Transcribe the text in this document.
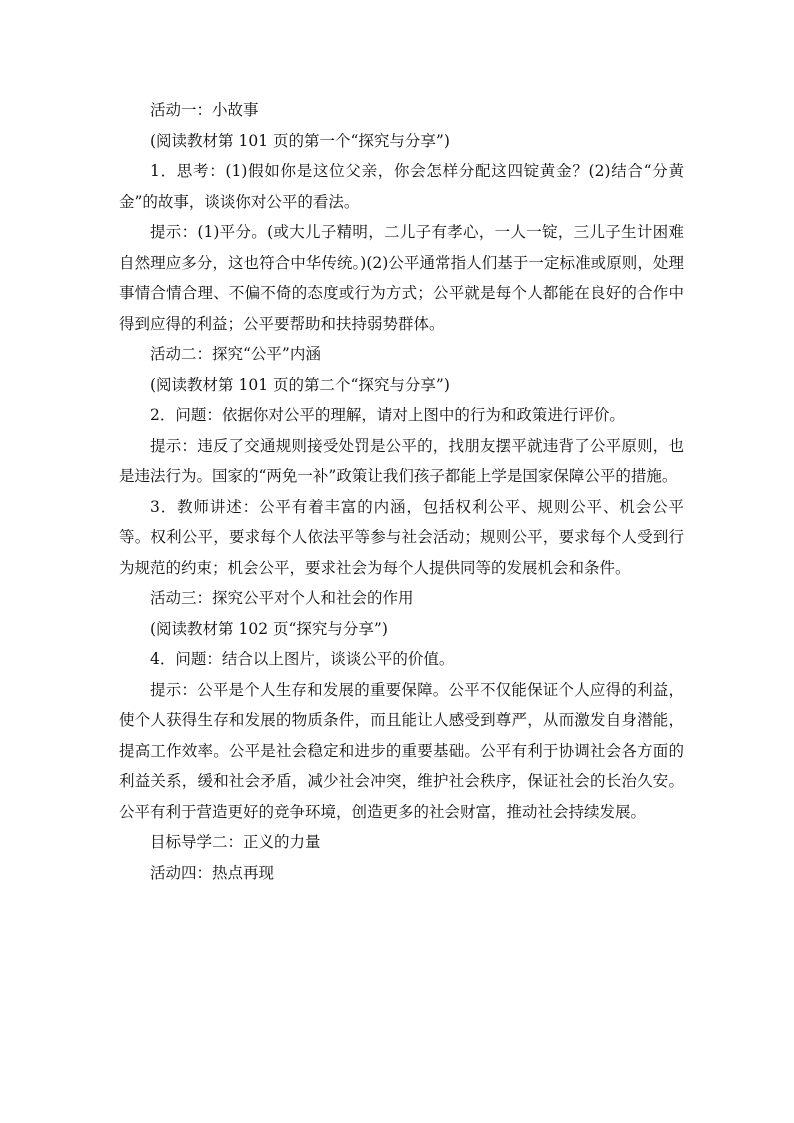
活动一：小故事

(阅读教材第 101 页的第一个“探究与分享”)

1．思考：(1)假如你是这位父亲，你会怎样分配这四锭黄金？(2)结合“分黄金”的故事，谈谈你对公平的看法。

提示：(1)平分。(或大儿子精明，二儿子有孝心，一人一锭，三儿子生计困难自然理应多分，这也符合中华传统。)(2)公平通常指人们基于一定标准或原则，处理事情合情合理、不偏不倚的态度或行为方式；公平就是每个人都能在良好的合作中得到应得的利益；公平要帮助和扶持弱势群体。

活动二：探究“公平”内涵

(阅读教材第 101 页的第二个“探究与分享”)

2．问题：依据你对公平的理解，请对上图中的行为和政策进行评价。

提示：违反了交通规则接受处罚是公平的，找朋友摆平就违背了公平原则，也是违法行为。国家的“两免一补”政策让我们孩子都能上学是国家保障公平的措施。

3．教师讲述：公平有着丰富的内涵，包括权利公平、规则公平、机会公平等。权利公平，要求每个人依法平等参与社会活动；规则公平，要求每个人受到行为规范的约束；机会公平，要求社会为每个人提供同等的发展机会和条件。

活动三：探究公平对个人和社会的作用

(阅读教材第 102 页“探究与分享”)

4．问题：结合以上图片，谈谈公平的价值。

提示：公平是个人生存和发展的重要保障。公平不仅能保证个人应得的利益，使个人获得生存和发展的物质条件，而且能让人感受到尊严，从而激发自身潜能，提高工作效率。公平是社会稳定和进步的重要基础。公平有利于协调社会各方面的利益关系，缓和社会矛盾，减少社会冲突，维护社会秩序，保证社会的长治久安。公平有利于营造更好的竞争环境，创造更多的社会财富，推动社会持续发展。

目标导学二：正义的力量

活动四：热点再现
